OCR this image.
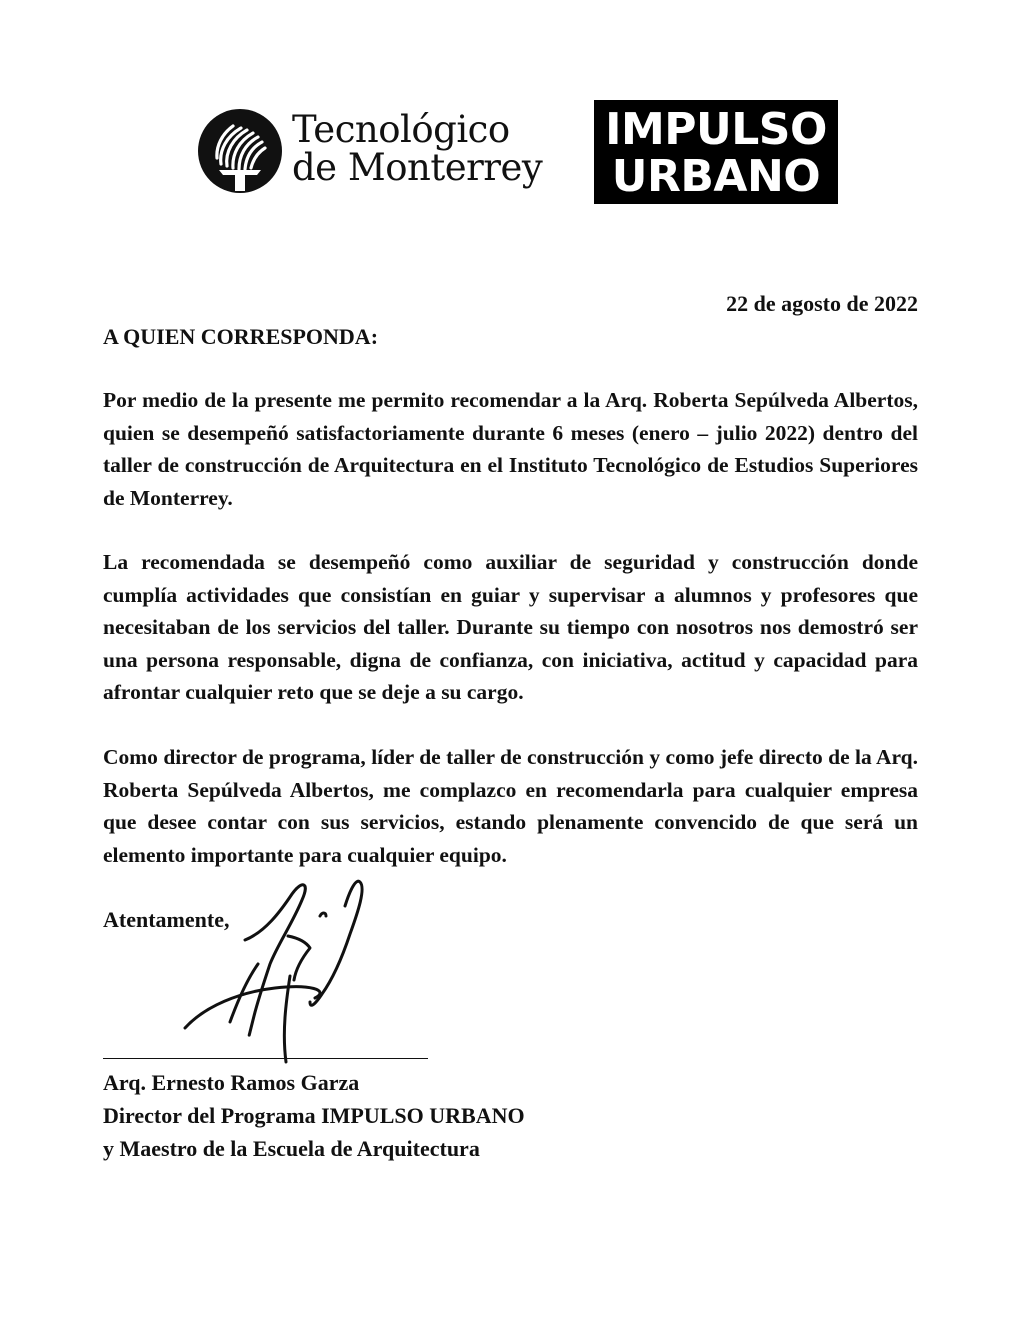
Tecnológico
de Monterrey
IMPULSO
URBANO
22 de agosto de 2022
A QUIEN CORRESPONDA:

Por medio de la presente me permito recomendar a la Arq. Roberta Sepúlveda Albertos, quien se desempeñó satisfactoriamente durante 6 meses (enero – julio 2022) dentro del taller de construcción de Arquitectura en el Instituto Tecnológico de Estudios Superiores de Monterrey.

La recomendada se desempeñó como auxiliar de seguridad y construcción donde cumplía actividades que consistían en guiar y supervisar a alumnos y profesores que necesitaban de los servicios del taller. Durante su tiempo con nosotros nos demostró ser una persona responsable, digna de confianza, con iniciativa, actitud y capacidad para afrontar cualquier reto que se deje a su cargo.

Como director de programa, líder de taller de construcción y como jefe directo de la Arq. Roberta Sepúlveda Albertos, me complazco en recomendarla para cualquier empresa que desee contar con sus servicios, estando plenamente convencido de que será un elemento importante para cualquier equipo.

Atentamente,
Arq. Ernesto Ramos Garza
Director del Programa IMPULSO URBANO
y Maestro de la Escuela de Arquitectura
